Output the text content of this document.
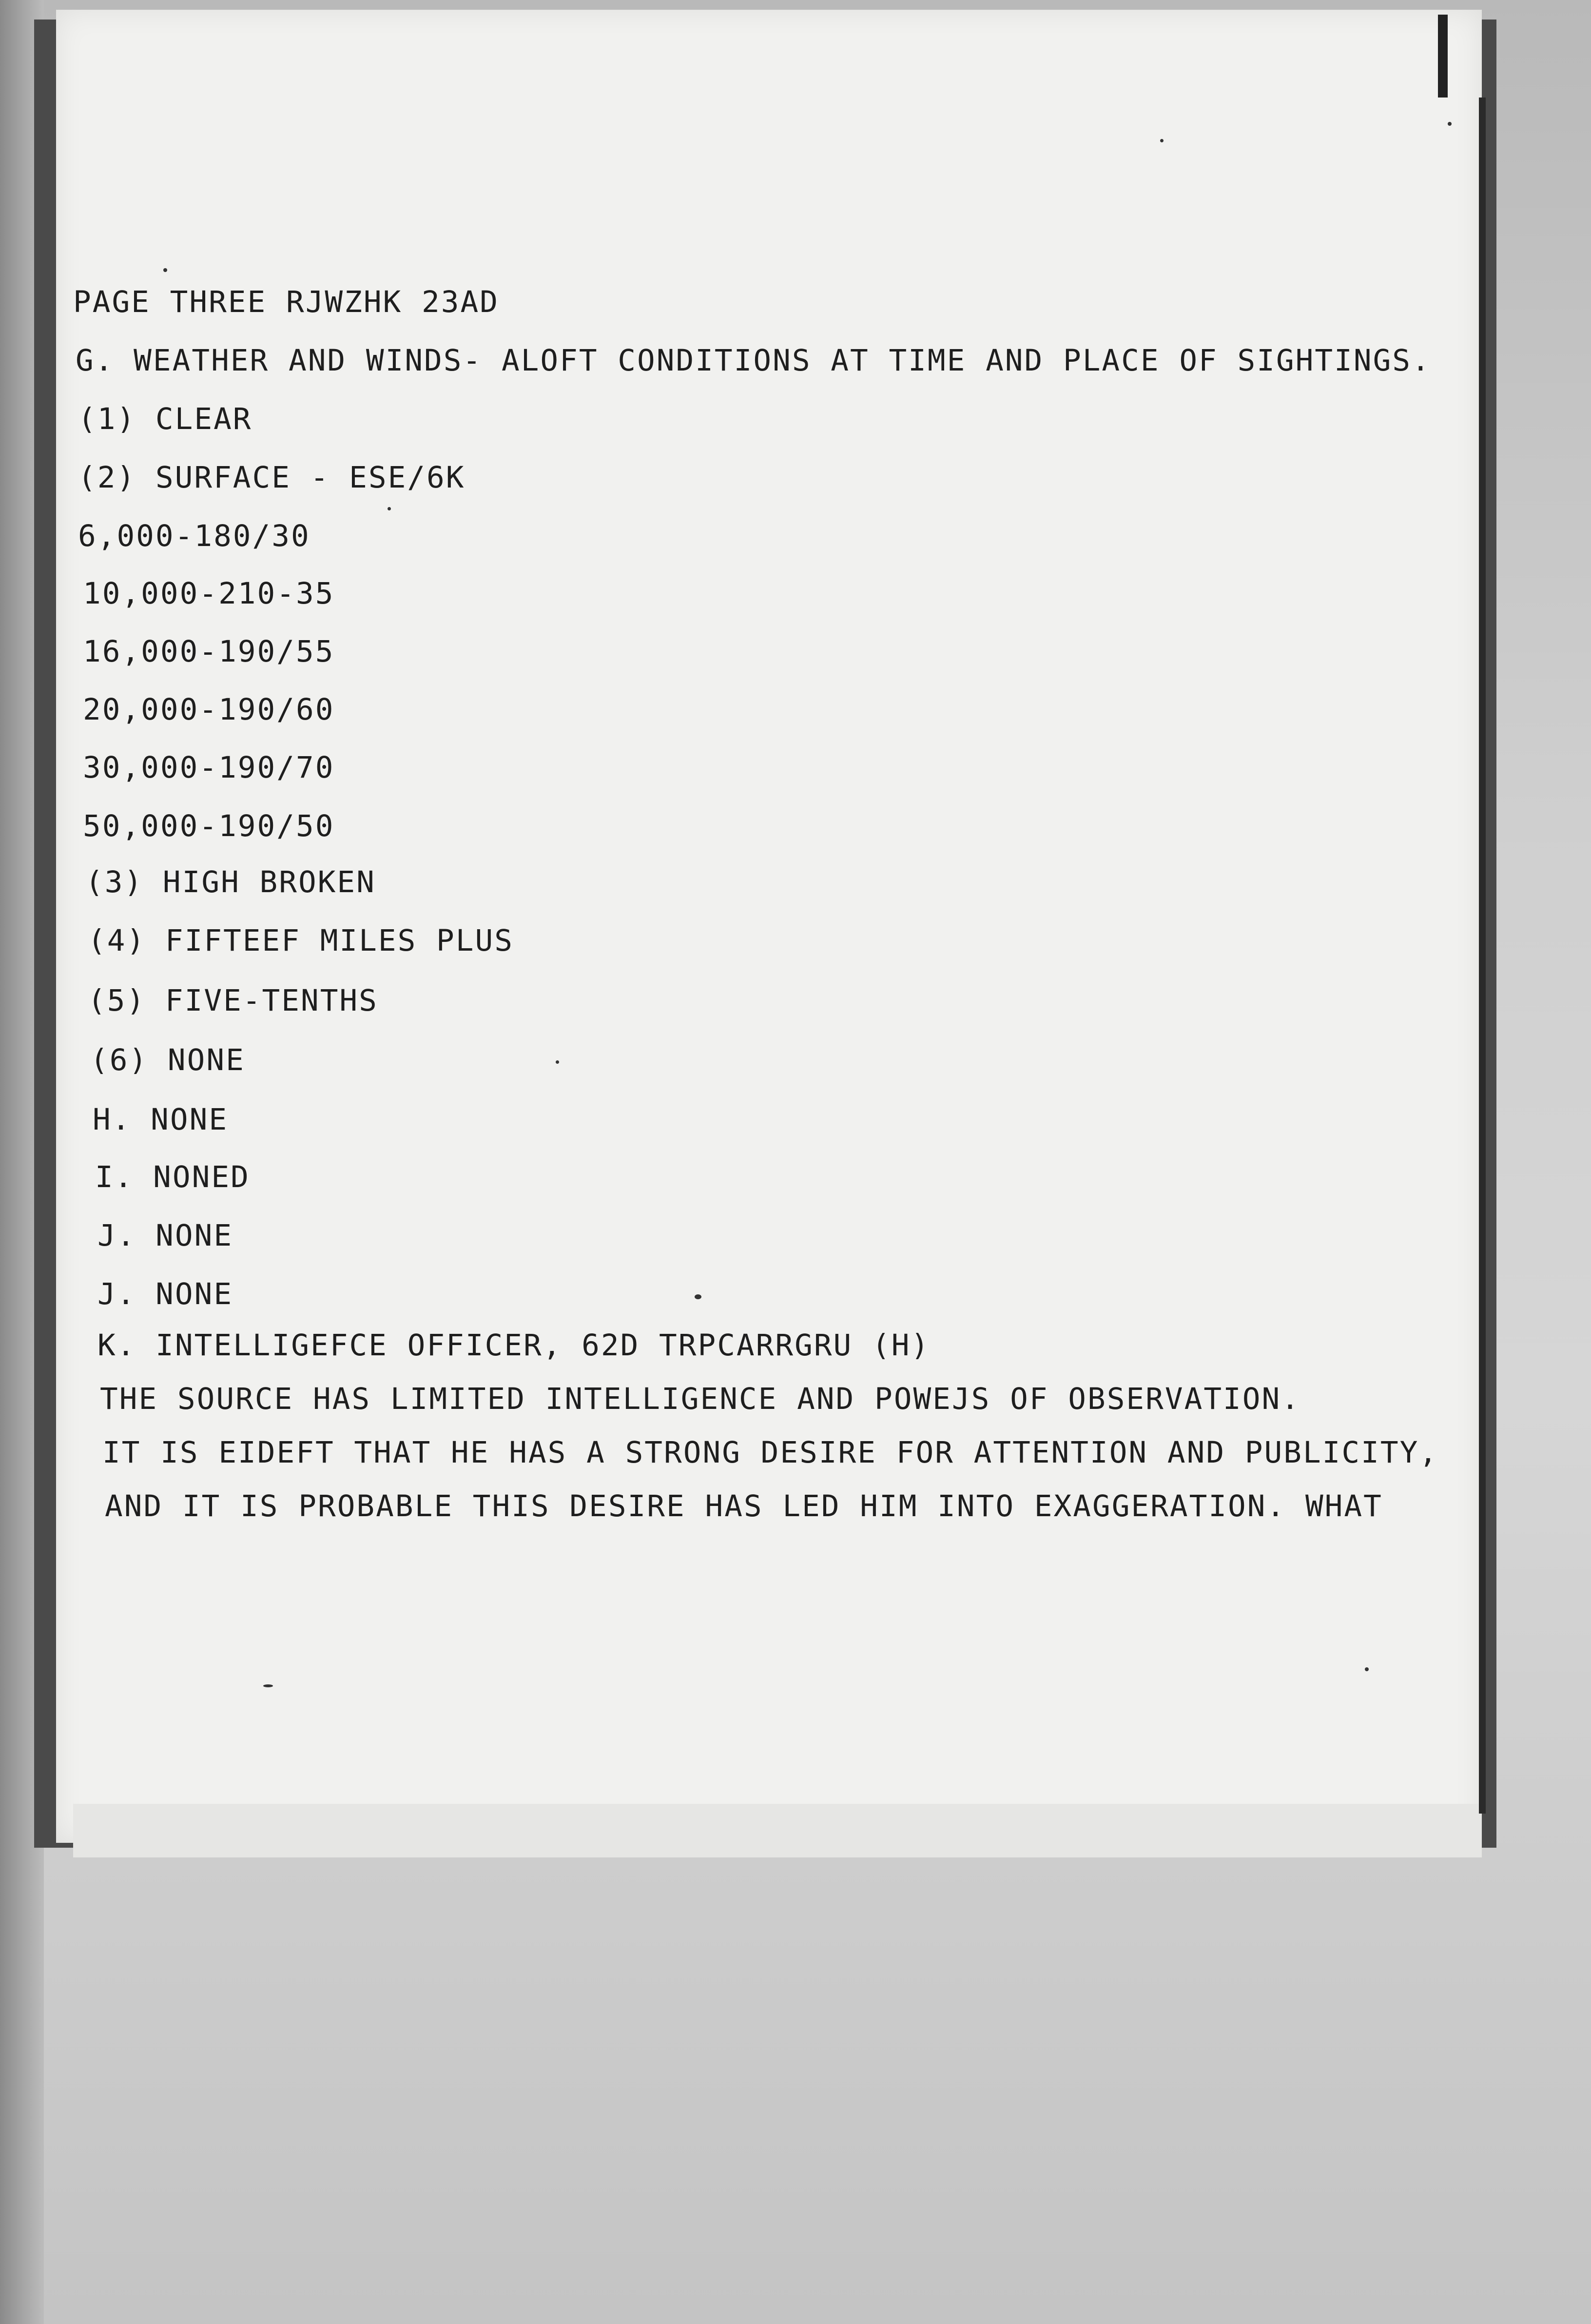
PAGE THREE RJWZHK 23AD
G. WEATHER AND WINDS- ALOFT CONDITIONS AT TIME AND PLACE OF SIGHTINGS.
(1) CLEAR
(2) SURFACE - ESE/6K
6,000-180/30
10,000-210-35
16,000-190/55
20,000-190/60
30,000-190/70
50,000-190/50
(3) HIGH BROKEN
(4) FIFTEEF MILES PLUS
(5) FIVE-TENTHS
(6) NONE
H. NONE
I. NONED
J. NONE
J. NONE
K. INTELLIGEFCE OFFICER, 62D TRPCARRGRU (H)
THE SOURCE HAS LIMITED INTELLIGENCE AND POWEJS OF OBSERVATION.
IT IS EIDEFT THAT HE HAS A STRONG DESIRE FOR ATTENTION AND PUBLICITY,
AND IT IS PROBABLE THIS DESIRE HAS LED HIM INTO EXAGGERATION. WHAT
